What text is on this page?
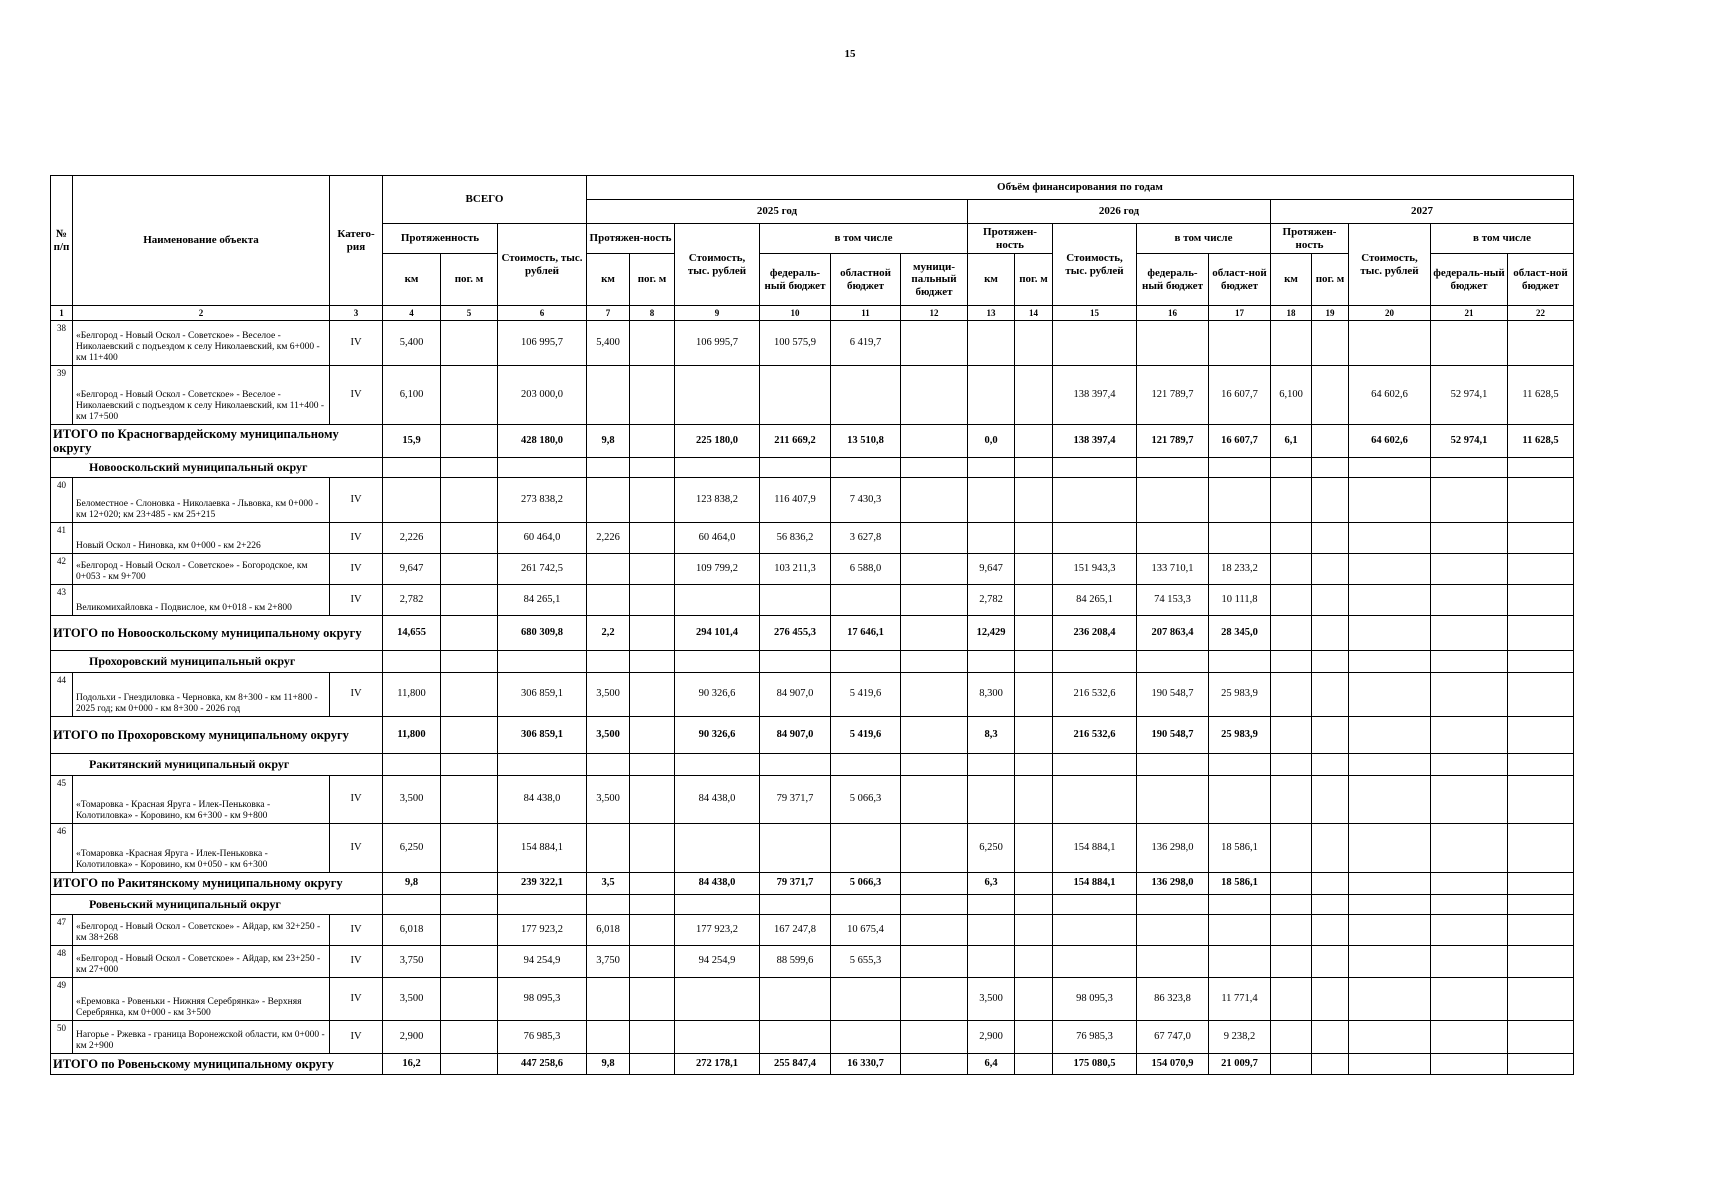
15
№ п/п	Наименование объекта	Катего-рия	ВСЕГО			Объём финансирования по годам															
						2025 год						2026 год					2027				
			Протяженность		Стоимость, тыс. рублей	Протяжен-ность		Стоимость, тыс. рублей	в том числе			Протяжен-ность		Стоимость, тыс. рублей	в том числе		Протяжен-ность		Стоимость, тыс. рублей	в том числе	
			км	пог. м		км	пог. м		федераль-ный бюджет	областной бюджет	муници-пальный бюджет	км	пог. м		федераль-ный бюджет	област-ной бюджет	км	пог. м		федераль-ный бюджет	област-ной бюджет
1	2	3	4	5	6	7	8	9	10	11	12	13	14	15	16	17	18	19	20	21	22
38	«Белгород - Новый Оскол - Советское» - Веселое - Николаевский с подъездом к селу Николаевский, км 6+000 - км 11+400	IV	5,400		106 995,7	5,400		106 995,7	100 575,9	6 419,7											
39	«Белгород - Новый Оскол - Советское» - Веселое - Николаевский с подъездом к селу Николаевский, км 11+400 - км 17+500	IV	6,100		203 000,0									138 397,4	121 789,7	16 607,7	6,100		64 602,6	52 974,1	11 628,5
ИТОГО по Красногвардейскому муниципальному округу			15,9		428 180,0	9,8		225 180,0	211 669,2	13 510,8		0,0		138 397,4	121 789,7	16 607,7	6,1		64 602,6	52 974,1	11 628,5
Новооскольский муниципальный округ																					
40	Беломестное - Слоновка - Николаевка - Львовка, км 0+000 - км 12+020; км 23+485 - км 25+215	IV			273 838,2			123 838,2	116 407,9	7 430,3											
41	Новый Оскол - Ниновка, км 0+000 - км 2+226	IV	2,226		60 464,0	2,226		60 464,0	56 836,2	3 627,8											
42	«Белгород - Новый Оскол - Советское» - Богородское, км 0+053 - км 9+700	IV	9,647		261 742,5			109 799,2	103 211,3	6 588,0		9,647		151 943,3	133 710,1	18 233,2					
43	Великомихайловка - Подвислое, км 0+018 - км 2+800	IV	2,782		84 265,1							2,782		84 265,1	74 153,3	10 111,8					
ИТОГО по Новооскольскому муниципальному округу			14,655		680 309,8	2,2		294 101,4	276 455,3	17 646,1		12,429		236 208,4	207 863,4	28 345,0					
Прохоровский муниципальный округ																					
44	Подольхи - Гнездиловка - Черновка, км 8+300 - км 11+800 - 2025 год; км 0+000 - км 8+300 - 2026 год	IV	11,800		306 859,1	3,500		90 326,6	84 907,0	5 419,6		8,300		216 532,6	190 548,7	25 983,9					
ИТОГО по Прохоровскому муниципальному округу			11,800		306 859,1	3,500		90 326,6	84 907,0	5 419,6		8,3		216 532,6	190 548,7	25 983,9					
Ракитянский муниципальный округ																					
45	«Томаровка - Красная Яруга - Илек-Пеньковка - Колотиловка» - Коровино, км 6+300 - км 9+800	IV	3,500		84 438,0	3,500		84 438,0	79 371,7	5 066,3											
46	«Томаровка -Красная Яруга - Илек-Пеньковка - Колотиловка» - Коровино, км 0+050 - км 6+300	IV	6,250		154 884,1							6,250		154 884,1	136 298,0	18 586,1					
ИТОГО по Ракитянскому муниципальному округу			9,8		239 322,1	3,5		84 438,0	79 371,7	5 066,3		6,3		154 884,1	136 298,0	18 586,1					
Ровеньский муниципальный округ																					
47	«Белгород - Новый Оскол - Советское» - Айдар, км 32+250 - км 38+268	IV	6,018		177 923,2	6,018		177 923,2	167 247,8	10 675,4											
48	«Белгород - Новый Оскол - Советское» - Айдар, км 23+250 - км 27+000	IV	3,750		94 254,9	3,750		94 254,9	88 599,6	5 655,3											
49	«Еремовка - Ровеньки - Нижняя Серебрянка» - Верхняя Серебрянка, км 0+000 - км 3+500	IV	3,500		98 095,3							3,500		98 095,3	86 323,8	11 771,4					
50	Нагорье - Ржевка - граница Воронежской области, км 0+000 - км 2+900	IV	2,900		76 985,3							2,900		76 985,3	67 747,0	9 238,2					
ИТОГО по Ровеньскому муниципальному округу			16,2		447 258,6	9,8		272 178,1	255 847,4	16 330,7		6,4		175 080,5	154 070,9	21 009,7					
